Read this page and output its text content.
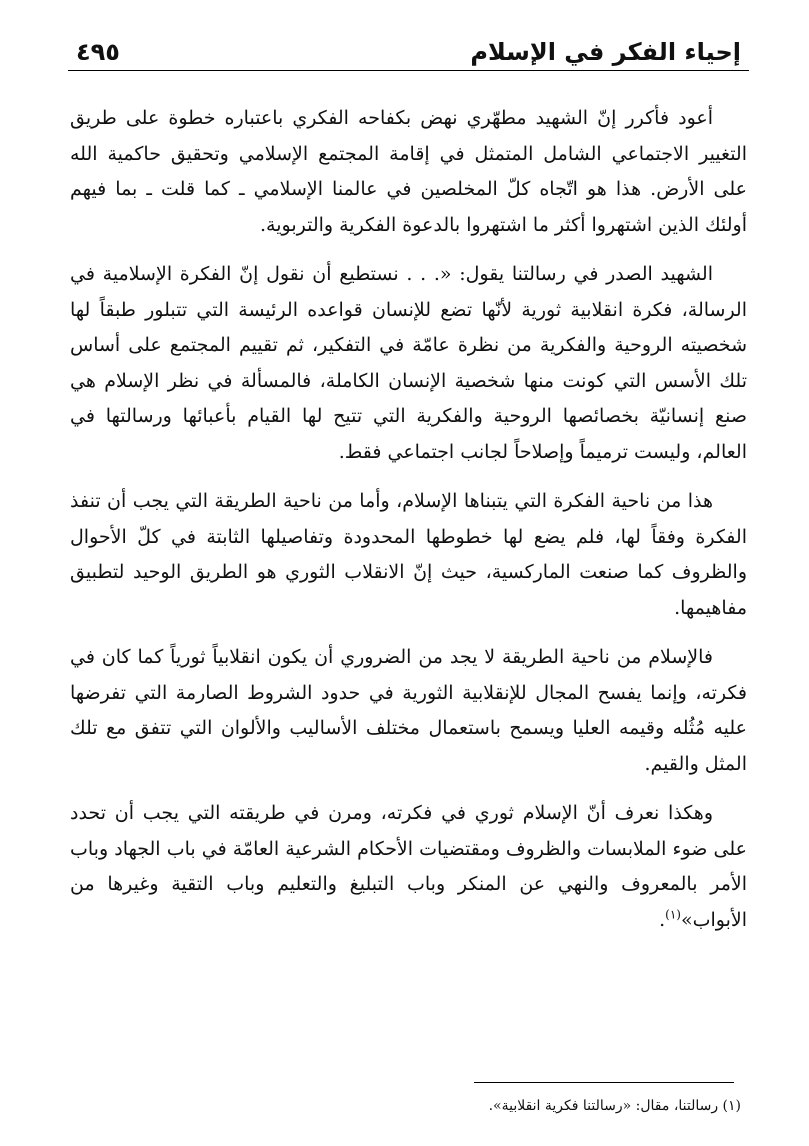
إحياء الفكر في الإسلام
٤٩٥

أعود فأكرر إنّ الشهيد مطهّري نهض بكفاحه الفكري باعتباره خطوة على طريق التغيير الاجتماعي الشامل المتمثل في إقامة المجتمع الإسلامي وتحقيق حاكمية الله على الأرض. هذا هو اتّجاه كلّ المخلصين في عالمنا الإسلامي ـ كما قلت ـ بما فيهم أولئك الذين اشتهروا أكثر ما اشتهروا بالدعوة الفكرية والتربوية.

الشهيد الصدر في رسالتنا يقول: «. . . نستطيع أن نقول إنّ الفكرة الإسلامية في الرسالة، فكرة انقلابية ثورية لأنّها تضع للإنسان قواعده الرئيسة التي تتبلور طبقاً لها شخصيته الروحية والفكرية من نظرة عامّة في التفكير، ثم تقييم المجتمع على أساس تلك الأسس التي كونت منها شخصية الإنسان الكاملة، فالمسألة في نظر الإسلام هي صنع إنسانيّة بخصائصها الروحية والفكرية التي تتيح لها القيام بأعبائها ورسالتها في العالم، وليست ترميماً وإصلاحاً لجانب اجتماعي فقط.

هذا من ناحية الفكرة التي يتبناها الإسلام، وأما من ناحية الطريقة التي يجب أن تنفذ الفكرة وفقاً لها، فلم يضع لها خطوطها المحدودة وتفاصيلها الثابتة في كلّ الأحوال والظروف كما صنعت الماركسية، حيث إنّ الانقلاب الثوري هو الطريق الوحيد لتطبيق مفاهيمها.

فالإسلام من ناحية الطريقة لا يجد من الضروري أن يكون انقلابياً ثورياً كما كان في فكرته، وإنما يفسح المجال للإنقلابية الثورية في حدود الشروط الصارمة التي تفرضها عليه مُثُله وقيمه العليا ويسمح باستعمال مختلف الأساليب والألوان التي تتفق مع تلك المثل والقيم.

وهكذا نعرف أنّ الإسلام ثوري في فكرته، ومرن في طريقته التي يجب أن تحدد على ضوء الملابسات والظروف ومقتضيات الأحكام الشرعية العامّة في باب الجهاد وباب الأمر بالمعروف والنهي عن المنكر وباب التبليغ والتعليم وباب التقية وغيرها من الأبواب»$^{(١)}$.

(١) رسالتنا، مقال: «رسالتنا فكرية انقلابية».
